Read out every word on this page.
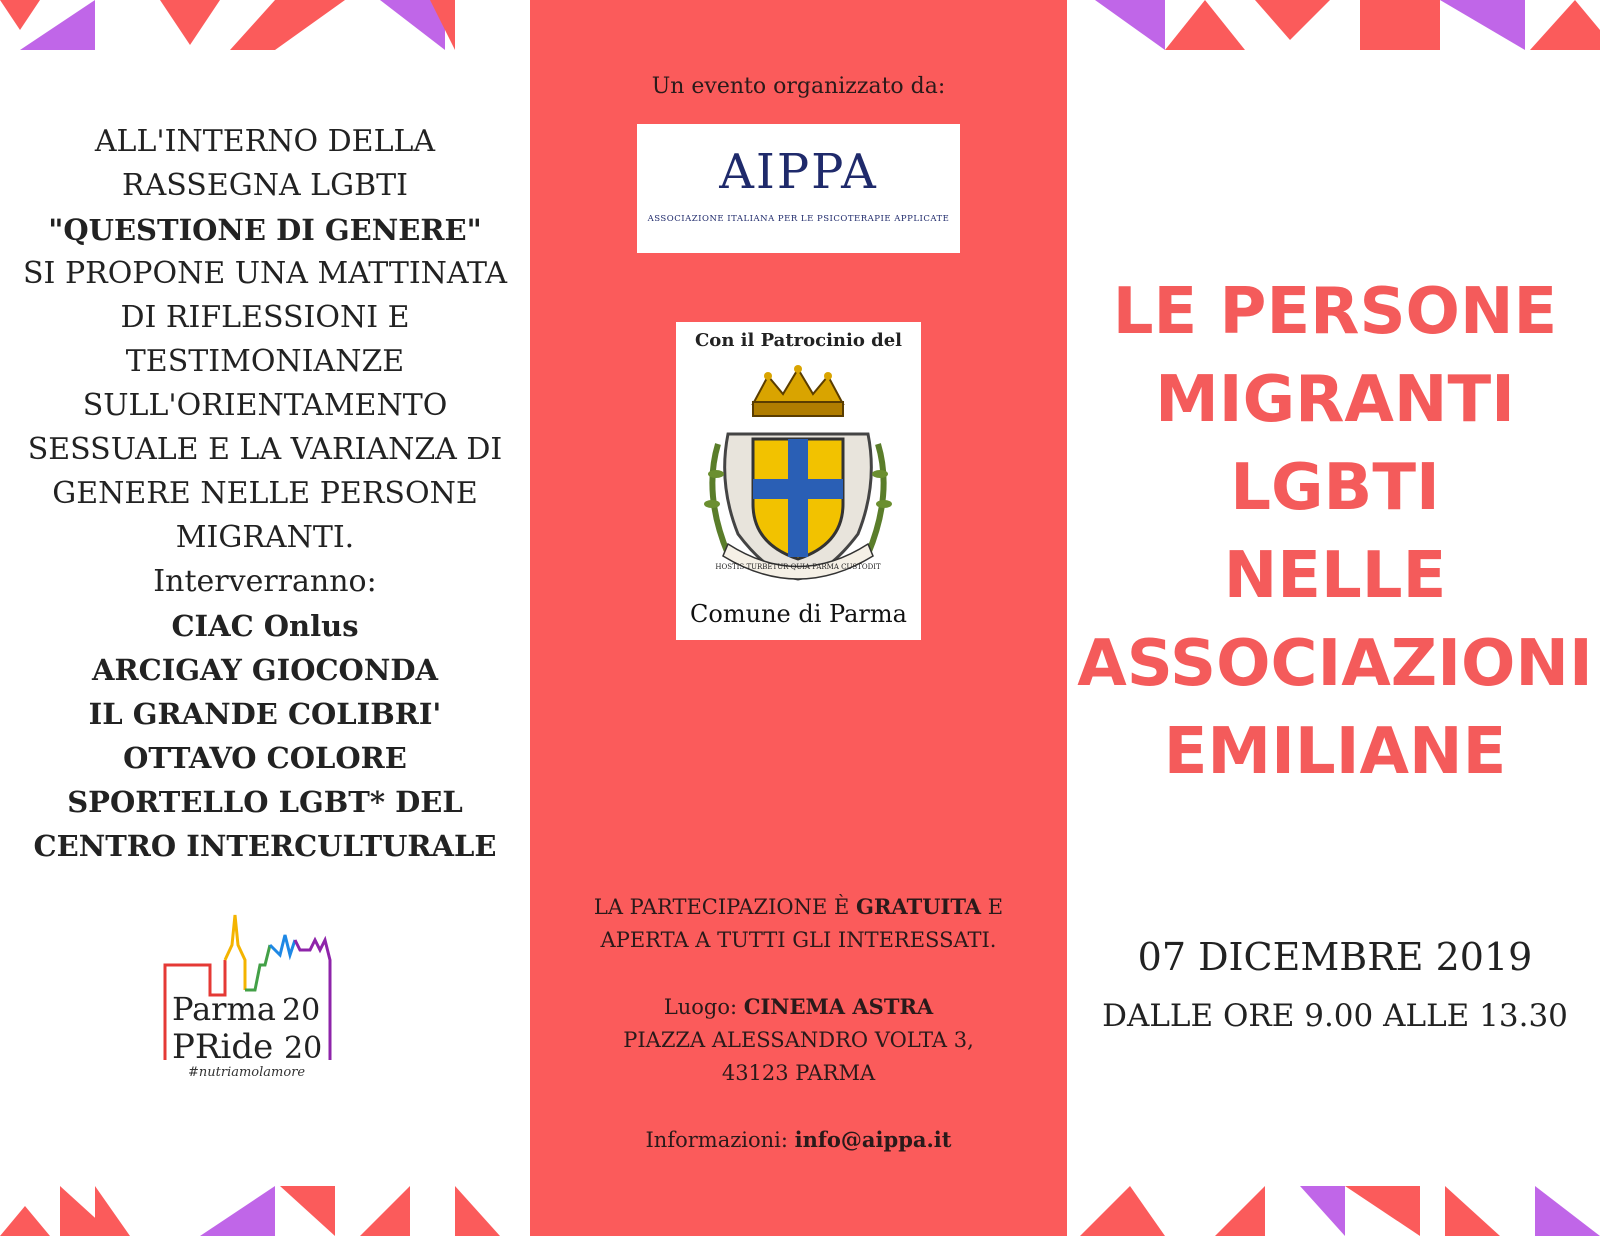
ALL'INTERNO DELLA
RASSEGNA LGBTI
"QUESTIONE DI GENERE"
SI PROPONE UNA MATTINATA
DI RIFLESSIONI E
TESTIMONIANZE
SULL'ORIENTAMENTO
SESSUALE E LA VARIANZA DI
GENERE NELLE PERSONE
MIGRANTI.
Interverranno:
CIAC Onlus
ARCIGAY GIOCONDA
IL GRANDE COLIBRI'
OTTAVO COLORE
SPORTELLO LGBT* DEL
CENTRO INTERCULTURALE
Parma
PRide
20
20
#nutriamolamore
Un evento organizzato da:
AIPPA
ASSOCIAZIONE ITALIANA PER LE PSICOTERAPIE APPLICATE
Con il Patrocinio del
HOSTIS TURBETUR QUIA PARMA CUSTODIT
Comune di Parma
LA PARTECIPAZIONE È GRATUITA E
APERTA A TUTTI GLI INTERESSATI.
Luogo: CINEMA ASTRA
PIAZZA ALESSANDRO VOLTA 3,
43123 PARMA
Informazioni: info@aippa.it
LE PERSONE
MIGRANTI
LGBTI
NELLE
ASSOCIAZIONI
EMILIANE
07 DICEMBRE 2019
DALLE ORE 9.00 ALLE 13.30
